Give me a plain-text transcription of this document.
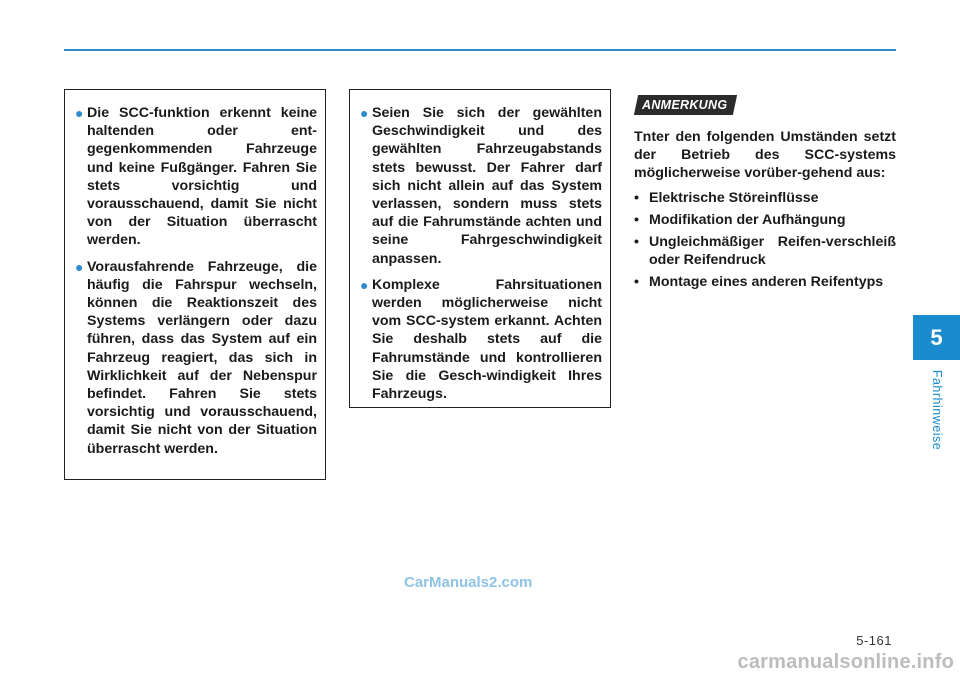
● Die SCC-funktion erkennt keine haltenden oder ent-gegenkommenden Fahrzeuge und keine Fußgänger. Fahren Sie stets vorsichtig und vorausschauend, damit Sie nicht von der Situation überrascht werden.
● Vorausfahrende Fahrzeuge, die häufig die Fahrspur wechseln, können die Reaktionszeit des Systems verlängern oder dazu führen, dass das System auf ein Fahrzeug reagiert, das sich in Wirklichkeit auf der Nebenspur befindet. Fahren Sie stets vorsichtig und vorausschauend, damit Sie nicht von der Situation überrascht werden.
● Seien Sie sich der gewählten Geschwindigkeit und des gewählten Fahrzeugabstands stets bewusst. Der Fahrer darf sich nicht allein auf das System verlassen, sondern muss stets auf die Fahrumstände achten und seine Fahrgeschwindigkeit anpassen.
● Komplexe Fahrsituationen werden möglicherweise nicht vom SCC-system erkannt. Achten Sie deshalb stets auf die Fahrumstände und kontrollieren Sie die Gesch-windigkeit Ihres Fahrzeugs.
ANMERKUNG
Tnter den folgenden Umständen setzt der Betrieb des SCC-systems möglicherweise vorüber-gehend aus:
• Elektrische Störeinflüsse
• Modifikation der Aufhängung
• Ungleichmäßiger Reifen-verschleiß oder Reifendruck
• Montage eines anderen Reifentyps
5
Fahrhinweise
5-161
CarManuals2.com
carmanualsonline.info
